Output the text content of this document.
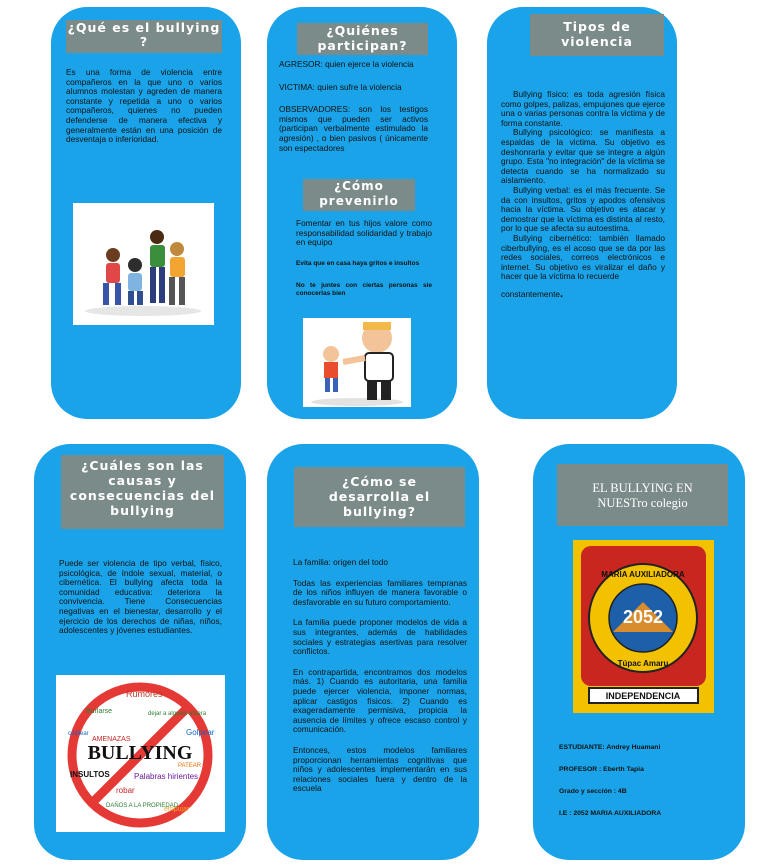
¿Qué es el bullying ?
Es una forma de violencia entre compañeros en la que uno o varios alumnos molestan y agreden de manera constante y repetida a uno o varios compañeros, quienes no pueden defenderse de manera efectiva y generalmente están en una posición de desventaja o inferioridad.
¿Quiénes participan?

AGRESOR: quien ejerce la violencia

VICTIMA: quien sufre la violencia

OBSERVADORES: son los testigos mismos que pueden ser activos (participan verbalmente estimulado la agresión) , o bien pasivos ( únicamente son espectadores

¿Cómo prevenirlo

Fomentar en tus hijos valore como responsabilidad solidaridad y trabajo en equipo

Evita que en casa haya gritos e insultos

No te juntes con ciertas personas sie conocerlas bien

Tipos de violencia

Bullying físico: es toda agresión física como golpes, palizas, empujones que ejerce una o varias personas contra la victima y de forma constante.

Bullying psicológico: se manifiesta a espaldas de la victima. Su objetivo es deshonrarla y evitar que se integre a algún grupo. Esta "no integración" de la víctima se detecta cuando se ha normalizado su aislamiento.

Bullying verbal: es el más frecuente. Se da con insultos, gritos y apodos ofensivos hacia la víctima. Su objetivo es atacar y demostrar que la víctima es distinta al resto, por lo que se afecta su autoestima.

Bullying cibernético: también llamado ciberbullying, es el acoso que se da por las redes sociales, correos electrónicos e internet. Su objetivo es viralizar el daño y hacer que la víctima lo recuerde

constantemente.

¿Cuáles son las causas y consecuencias del bullying
Puede ser violencia de tipo verbal, físico, psicológica, de índole sexual, material, o cibernética. El bullying afecta toda la comunidad educativa: deteriora la convivencia. Tiene Consecuencias negativas en el bienestar, desarrollo y el ejercicio de los derechos de niñas, niños, adolescentes y jóvenes estudiantes.
BULLYING
Rumores
Burlarse	dejar a alguien afuera
Golpear
cotillear
AMENAZAS
INSULTOS	Palabras hirientes
robar
DAÑOS A LA PROPIEDAD
PATEAR
empujar
¿Cómo se desarrolla el bullying?

La familia: origen del todo

Todas las experiencias familiares tempranas de los niños influyen de manera favorable o desfavorable en su futuro comportamiento.

La familia puede proponer modelos de vida a sus integrantes, además de habilidades sociales y estrategias asertivas para resolver conflictos.

En contrapartida, encontramos dos modelos más. 1) Cuando es autoritaria, una familia puede ejercer violencia, imponer normas, aplicar castigos físicos. 2) Cuando es exageradamente permisiva, propicia la ausencia de límites y ofrece escaso control y comunicación.

Entonces, estos modelos familiares proporcionan herramientas cognitivas que niños y adolescentes implementarán en sus relaciones sociales fuera y dentro de la escuela

EL BULLYING EN NUESTro colegio
MARIA AUXILIADORA
2052
Túpac Amaru
INDEPENDENCIA

ESTUDIANTE: Andrey Huamani

PROFESOR : Eberth Tapia

Grado y sección : 4B

I.E : 2052 MARIA AUXILIADORA
